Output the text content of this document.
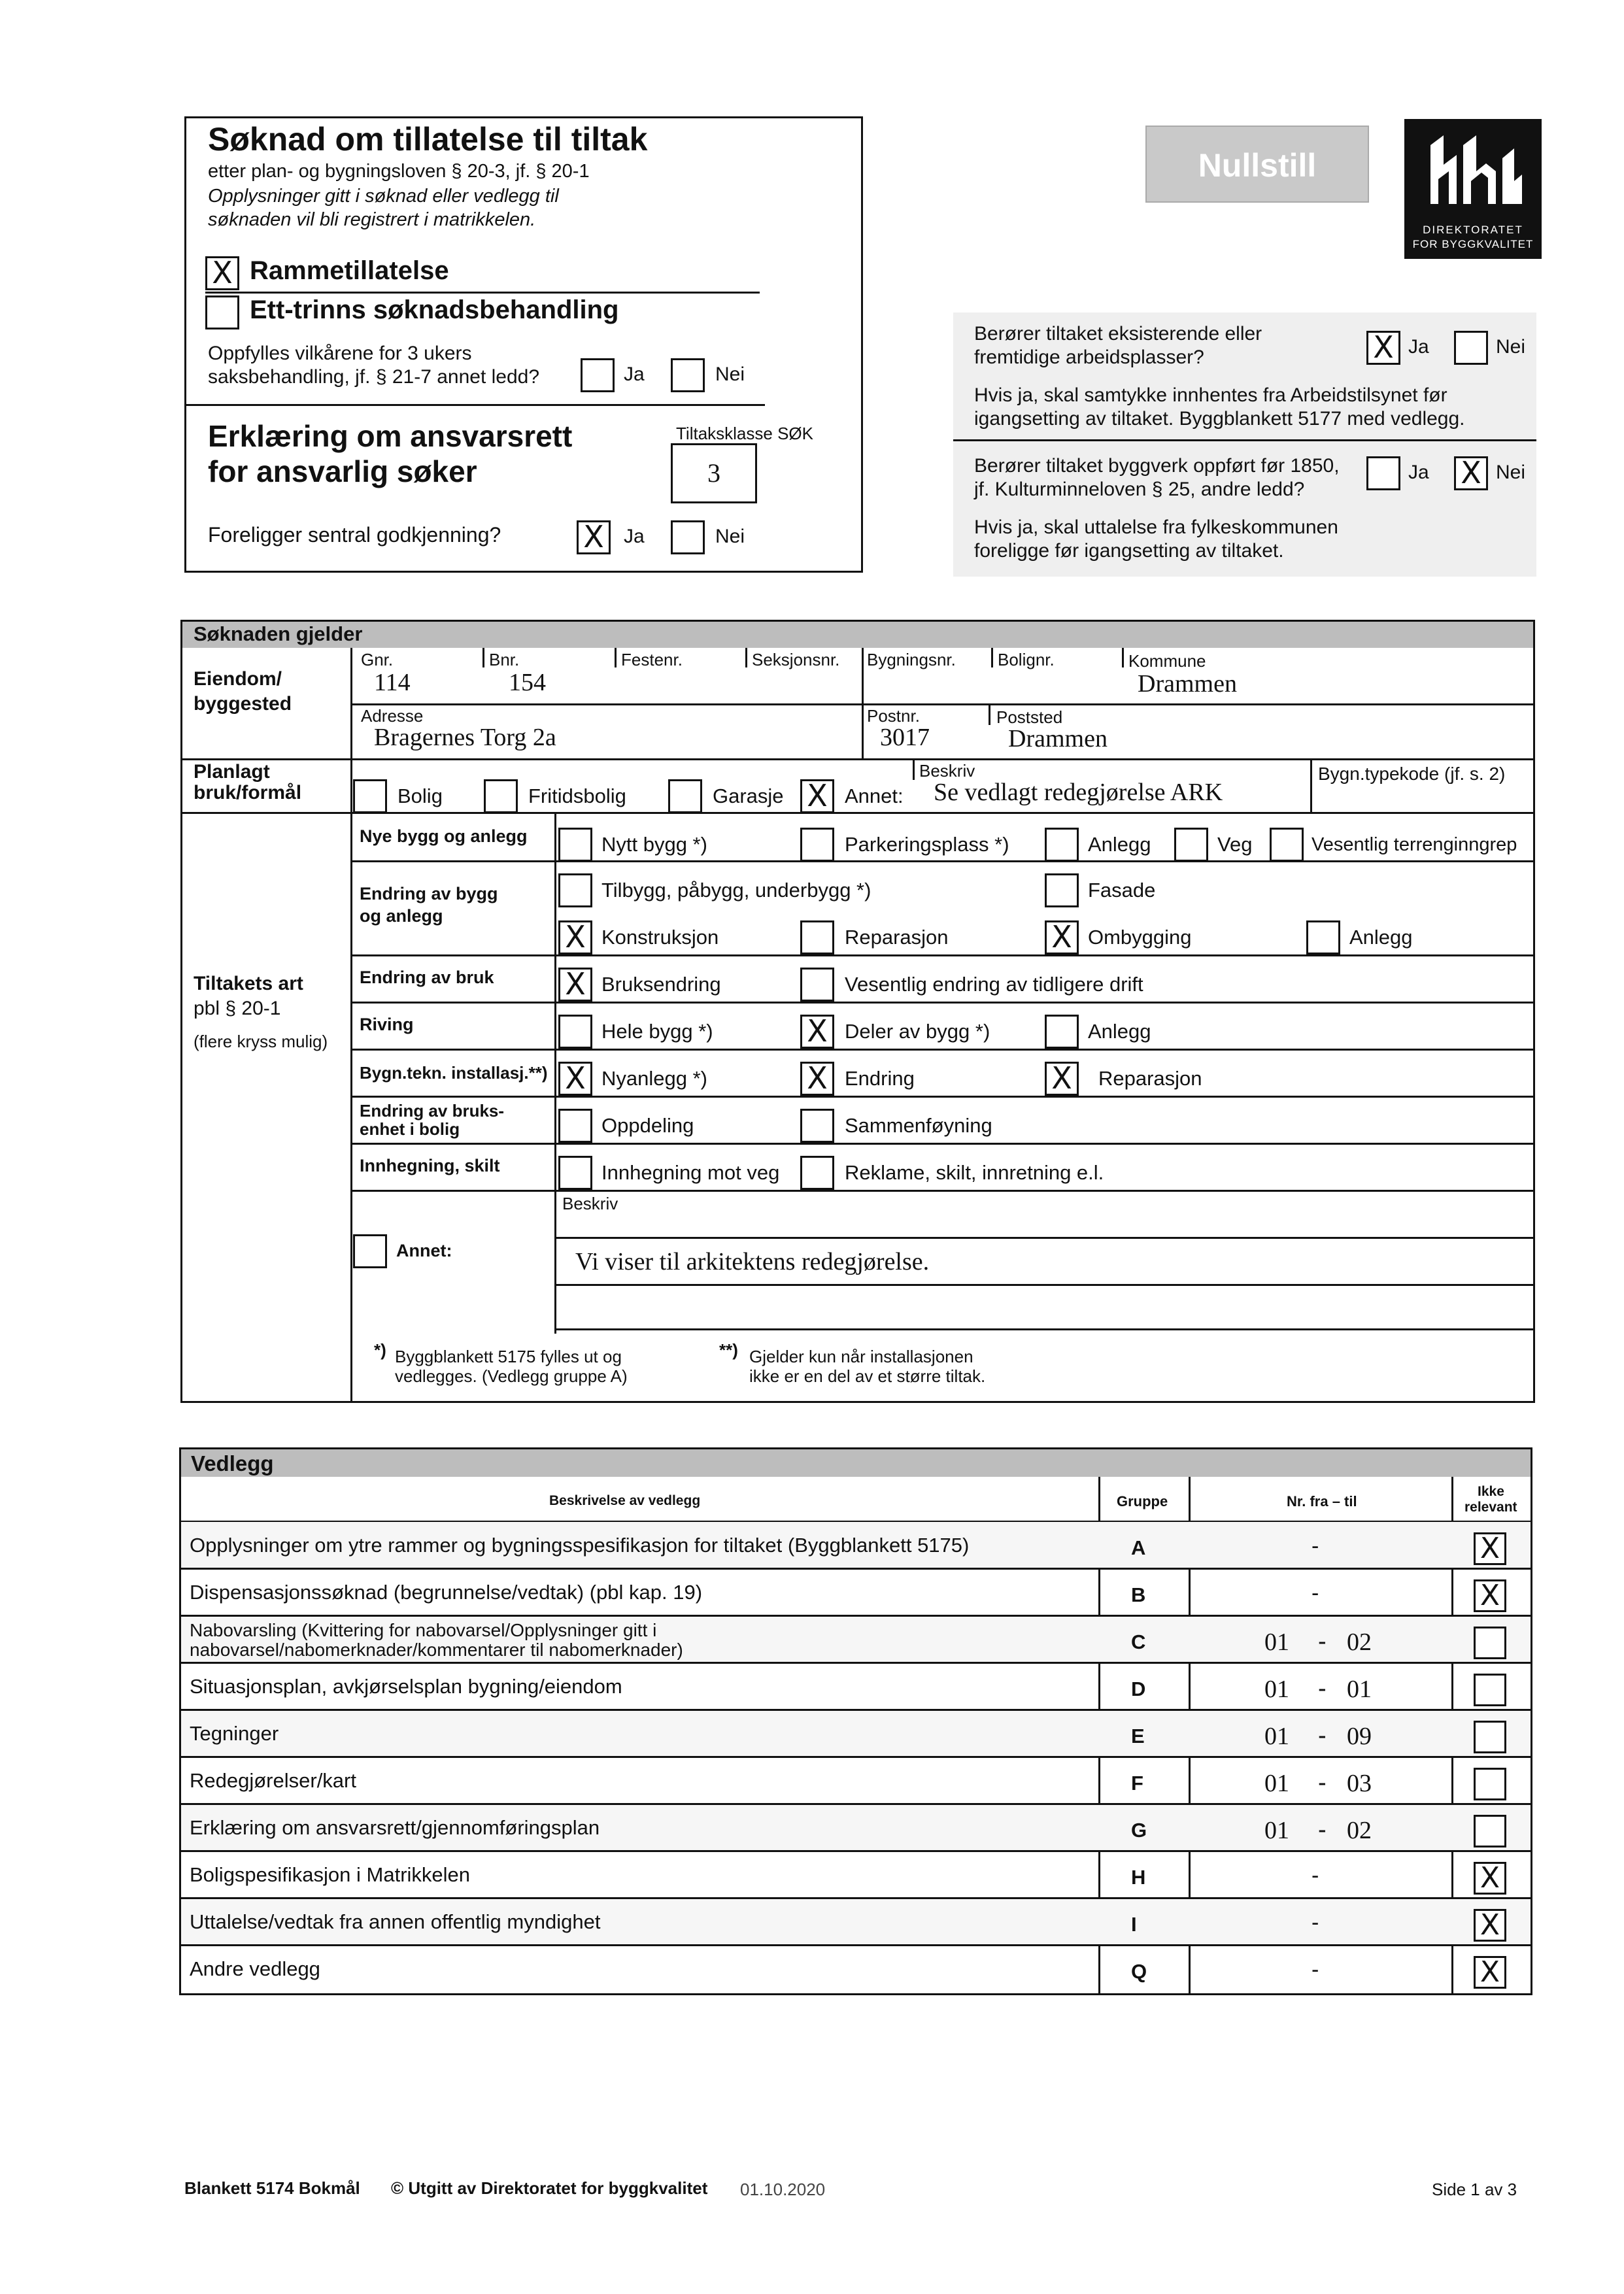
Søknad om tillatelse til tiltak
etter plan- og bygningsloven § 20-3, jf. § 20-1
Opplysninger gitt i søknad eller vedlegg til
søknaden vil bli registrert i matrikkelen.
X Rammetillatelse
Ett-trinns søknadsbehandling
Oppfylles vilkårene for 3 ukers
saksbehandling, jf. § 21-7 annet ledd?	Ja	Nei
Erklæring om ansvarsrett
for ansvarlig søker
Tiltaksklasse SØK
3
Foreligger sentral godkjenning?	X	Ja	Nei
Nullstill
DIREKTORATET
FOR BYGGKVALITET
Berører tiltaket eksisterende eller
fremtidige arbeidsplasser?	X Ja	Nei
Hvis ja, skal samtykke innhentes fra Arbeidstilsynet før
igangsetting av tiltaket. Byggblankett 5177 med vedlegg.
Berører tiltaket byggverk oppført før 1850,
jf. Kulturminneloven § 25, andre ledd?
Ja X Nei
Hvis ja, skal uttalelse fra fylkeskommunen
foreligge før igangsetting av tiltaket.
Søknaden gjelder
Eiendom/
byggested
Gnr.
114
Bnr.
154
Festenr.	Seksjonsnr. Bygningsnr. Bolignr.	Kommune
Drammen
Adresse
Bragernes Torg 2a
Postnr.
3017
Poststed
Drammen
Planlagt
bruk/formål	Bolig	Fritidsbolig	Garasje X Annet:
Beskriv
Se vedlagt redegjørelse ARK
Bygn.typekode (jf. s. 2)
Tiltakets art
pbl § 20-1
(flere kryss mulig)
Nye bygg og anlegg	Nytt bygg *)	Parkeringsplass *)	Anlegg	Veg	Vesentlig terrenginngrep
Endring av bygg
og anlegg
Tilbygg, påbygg, underbygg *)	Fasade
X Konstruksjon	Reparasjon	X Ombygging	Anlegg
Endring av bruk X Bruksendring	Vesentlig endring av tidligere drift
Riving	Hele bygg *)	X Deler av bygg *)	Anlegg
Bygn.tekn. installasj.**) X Nyanlegg *)	X Endring	X	Reparasjon
Endring av bruks-
enhet i bolig	Oppdeling	Sammenføyning
Innhegning, skilt	Innhegning mot veg	Reklame, skilt, innretning e.l.
Beskriv
Annet:	Vi viser til arkitektens redegjørelse.
*) Byggblankett 5175 fylles ut og
vedlegges. (Vedlegg gruppe A)
**) Gjelder kun når installasjonen
ikke er en del av et større tiltak.
Vedlegg
Beskrivelse av vedlegg	Gruppe	Nr. fra – til
Ikke
relevant
Opplysninger om ytre rammer og bygningsspesifikasjon for tiltaket (Byggblankett 5175)	A	-	X
Dispensasjonssøknad (begrunnelse/vedtak) (pbl kap. 19)	B	-	X
Nabovarsling (Kvittering for nabovarsel/Opplysninger gitt i
nabovarsel/nabomerknader/kommentarer til nabomerknader)	C	01 - 02
Situasjonsplan, avkjørselsplan bygning/eiendom	D	01 - 01
Tegninger	E	01 - 09
Redegjørelser/kart	F	01 - 03
Erklæring om ansvarsrett/gjennomføringsplan	G	01 - 02
Boligspesifikasjon i Matrikkelen	H	-	X
Uttalelse/vedtak fra annen offentlig myndighet	I	-	X
Andre vedlegg	Q	-	X
Blankett 5174 Bokmål © Utgitt av Direktoratet for byggkvalitet 01.10.2020	Side 1 av 3
